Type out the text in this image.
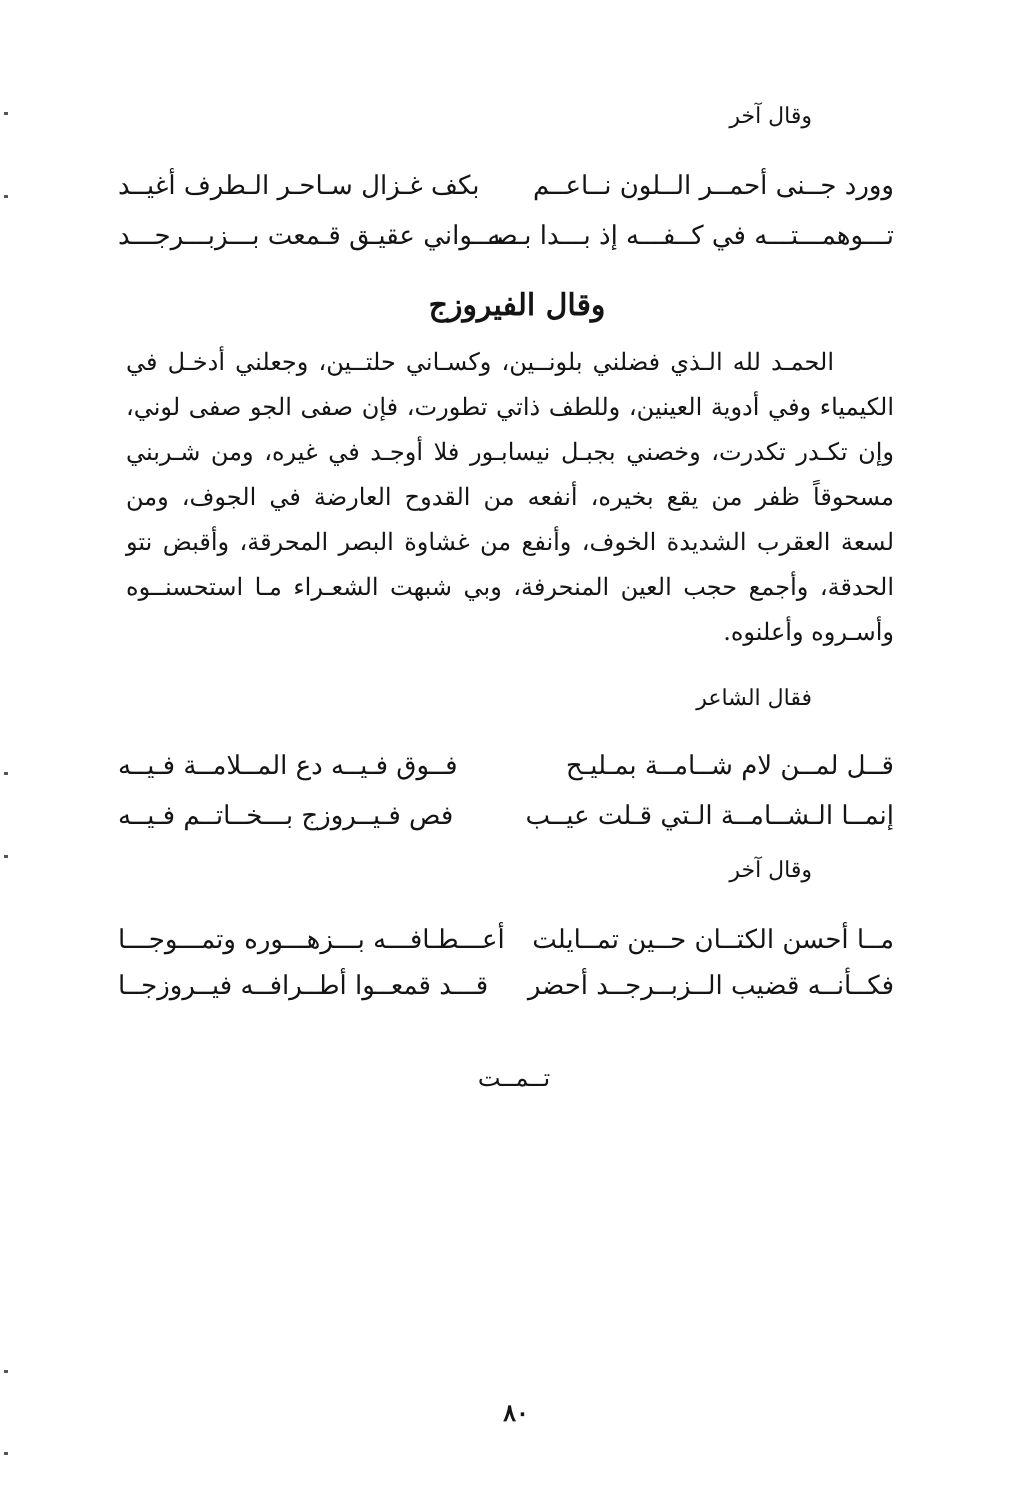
وقال آخر
وورد جــنى أحمــر الــلون نــاعــم
بكف غـزال سـاحـر الـطرف أغيــد
تـــوهمـــتـــه في كــفـــه إذ بـــدا بـــه
صـــواني عقيـق قـمعت بـــزبـــرجـــد
وقال الفيروزج

الحمـد لله الـذي فضلني بلونــين، وكسـاني حلتــين، وجعلني أدخـل في الكيمياء وفي أدوية العينين، وللطف ذاتي تطورت، فإن صفى الجو صفى لوني، وإن تكـدر تكدرت، وخصني بجبـل نيسابـور فلا أوجـد في غيره، ومن شـربني مسحوقاً ظفر من يقع بخيره، أنفعه من القدوح العارضة في الجوف، ومن لسعة العقرب الشديدة الخوف، وأنفع من غشاوة البصر المحرقة، وأقبض نتو الحدقة، وأجمع حجب العين المنحرفة، وبي شبهت الشعـراء مـا استحسنــوه وأسـروه وأعلنوه.

فقال الشاعر
قــل لمــن لام شــامــة بمـليـح
فــوق فـيــه دع المــلامــة فـيــه
إنمــا الـشــامــة الـتي قـلت عيــب
فص فـيــروزج بـــخــاتــم فـيــه
وقال آخر
مــا أحسن الكتــان حــين تمــايلت
أعـــطـافـــه بـــزهـــوره وتمـــوجـــا
فكــأنــه قضيب الــزبــرجــد أحضر
قـــد قمعــوا أطــرافــه فيــروزجــا
تــمــت
٨٠
